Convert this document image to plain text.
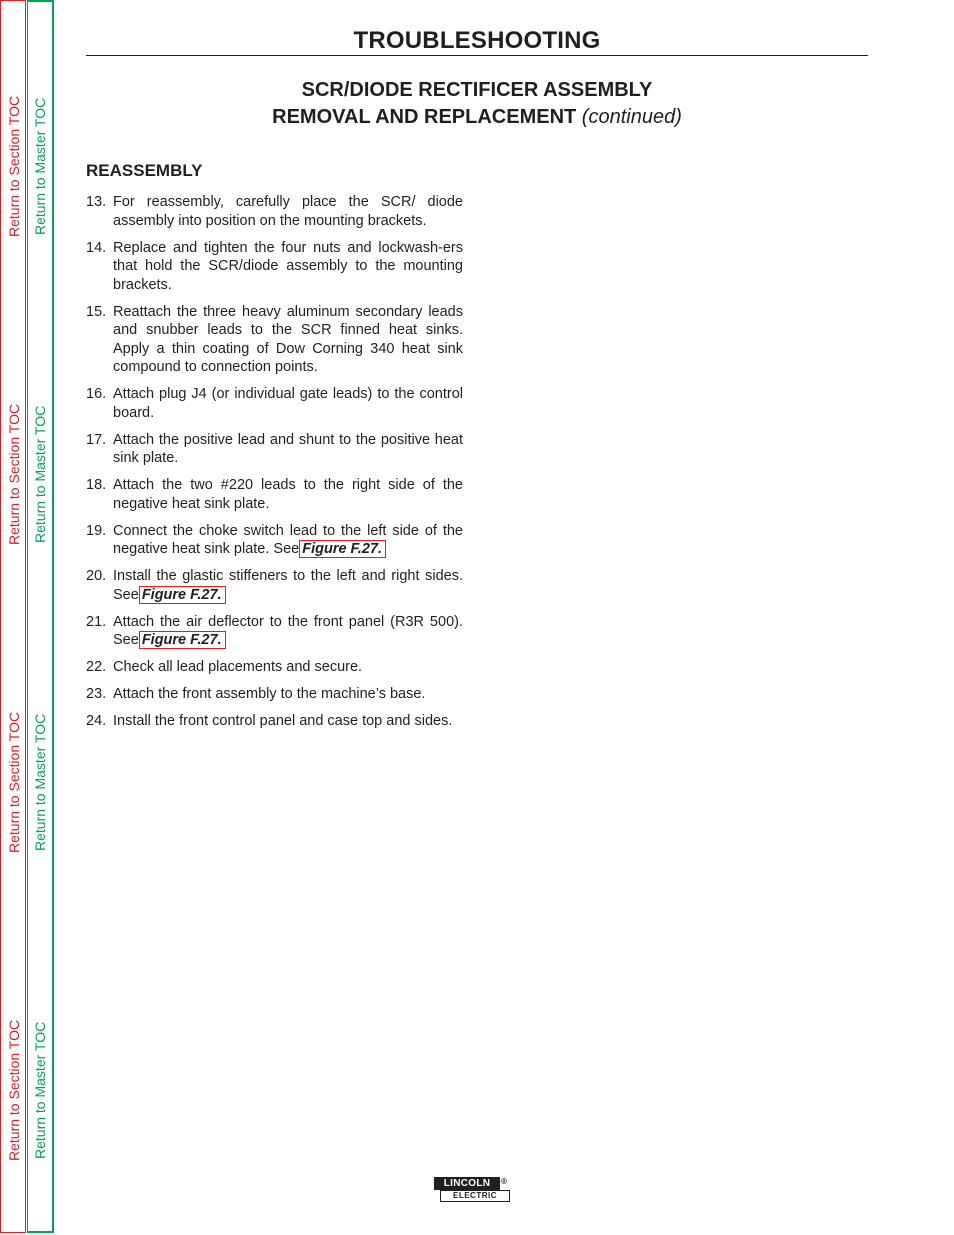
Return to Section TOC Return to Master TOC
Return to Section TOC Return to Master TOC
Return to Section TOC Return to Master TOC
Return to Section TOC Return to Master TOC
TROUBLESHOOTING
SCR/DIODE RECTIFICER ASSEMBLY
REMOVAL AND REPLACEMENT (continued)
REASSEMBLY
13. For reassembly, carefully place the SCR/ diode assembly into position on the mounting brackets.
14. Replace and tighten the four nuts and lockwash-ers that hold the SCR/diode assembly to the mounting brackets.
15. Reattach the three heavy aluminum secondary leads and snubber leads to the SCR finned heat sinks. Apply a thin coating of Dow Corning 340 heat sink compound to connection points.
16. Attach plug J4 (or individual gate leads) to the control board.
17. Attach the positive lead and shunt to the positive heat sink plate.
18. Attach the two #220 leads to the right side of the negative heat sink plate.
19. Connect the choke switch lead to the left side of the negative heat sink plate. See Figure F.27.
20. Install the glastic stiffeners to the left and right sides. See Figure F.27.
21. Attach the air deflector to the front panel (R3R 500). See Figure F.27.
22. Check all lead placements and secure.
23. Attach the front assembly to the machine’s base.
24. Install the front control panel and case top and sides.
LINCOLN	®
ELECTRIC
